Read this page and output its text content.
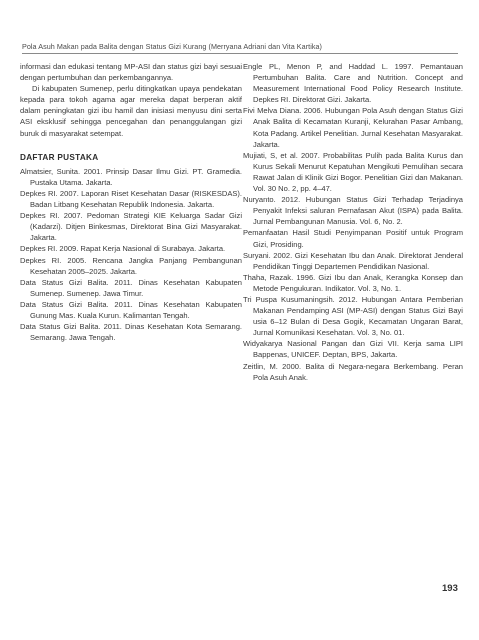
Pola Asuh Makan pada Balita dengan Status Gizi Kurang (Merryana Adriani dan Vita Kartika)

informasi dan edukasi tentang MP-ASI dan status gizi bayi sesuai dengan pertumbuhan dan perkembangannya.

Di kabupaten Sumenep, perlu ditingkatkan upaya pendekatan kepada para tokoh agama agar mereka dapat berperan aktif dalam peningkatan gizi ibu hamil dan inisiasi menyusu dini serta ASI eksklusif sehingga pencegahan dan penanggulangan gizi buruk di masyarakat setempat.

DAFTAR PUSTAKA

Almatsier, Sunita. 2001. Prinsip Dasar Ilmu Gizi. PT. Gramedia. Pustaka Utama. Jakarta.

Depkes RI. 2007. Laporan Riset Kesehatan Dasar (RISKESDAS). Badan Litbang Kesehatan Republik Indonesia. Jakarta.

Depkes RI. 2007. Pedoman Strategi KIE Keluarga Sadar Gizi (Kadarzi). Ditjen Binkesmas, Direktorat Bina Gizi Masyarakat. Jakarta.

Depkes RI. 2009. Rapat Kerja Nasional di Surabaya. Jakarta.

Depkes RI. 2005. Rencana Jangka Panjang Pembangunan Kesehatan 2005–2025. Jakarta.

Data Status Gizi Balita. 2011. Dinas Kesehatan Kabupaten Sumenep. Sumenep. Jawa Timur.

Data Status Gizi Balita. 2011. Dinas Kesehatan Kabupaten Gunung Mas. Kuala Kurun. Kalimantan Tengah.

Data Status Gizi Balita. 2011. Dinas Kesehatan Kota Semarang. Semarang. Jawa Tengah.

Engle PL, Menon P, and Haddad L. 1997. Pemantauan Pertumbuhan Balita. Care and Nutrition. Concept and Measurement International Food Policy Research Institute. Depkes RI. Direktorat Gizi. Jakarta.

Fivi Melva Diana. 2006. Hubungan Pola Asuh dengan Status Gizi Anak Balita di Kecamatan Kuranji, Kelurahan Pasar Ambang, Kota Padang. Artikel Penelitian. Jurnal Kesehatan Masyarakat. Jakarta.

Mujiati, S, et al. 2007. Probabilitas Pulih pada Balita Kurus dan Kurus Sekali Menurut Kepatuhan Mengikuti Pemulihan secara Rawat Jalan di Klinik Gizi Bogor. Penelitian Gizi dan Makanan. Vol. 30 No. 2, pp. 4–47.

Nuryanto. 2012. Hubungan Status Gizi Terhadap Terjadinya Penyakit Infeksi saluran Pernafasan Akut (ISPA) pada Balita. Jurnal Pembangunan Manusia. Vol. 6, No. 2.

Pemanfaatan Hasil Studi Penyimpanan Positif untuk Program Gizi, Prosiding.

Suryani. 2002. Gizi Kesehatan Ibu dan Anak. Direktorat Jenderal Pendidikan Tinggi Departemen Pendidikan Nasional.

Thaha, Razak. 1996. Gizi Ibu dan Anak, Kerangka Konsep dan Metode Pengukuran. Indikator. Vol. 3, No. 1.

Tri Puspa Kusumaningsih. 2012. Hubungan Antara Pemberian Makanan Pendamping ASI (MP-ASI) dengan Status Gizi Bayi usia 6–12 Bulan di Desa Gogik, Kecamatan Ungaran Barat, Jurnal Komunikasi Kesehatan. Vol. 3, No. 01.

Widyakarya Nasional Pangan dan Gizi VII. Kerja sama LIPI Bappenas, UNICEF. Deptan, BPS, Jakarta.

Zeitlin, M. 2000. Balita di Negara-negara Berkembang. Peran Pola Asuh Anak.

193
